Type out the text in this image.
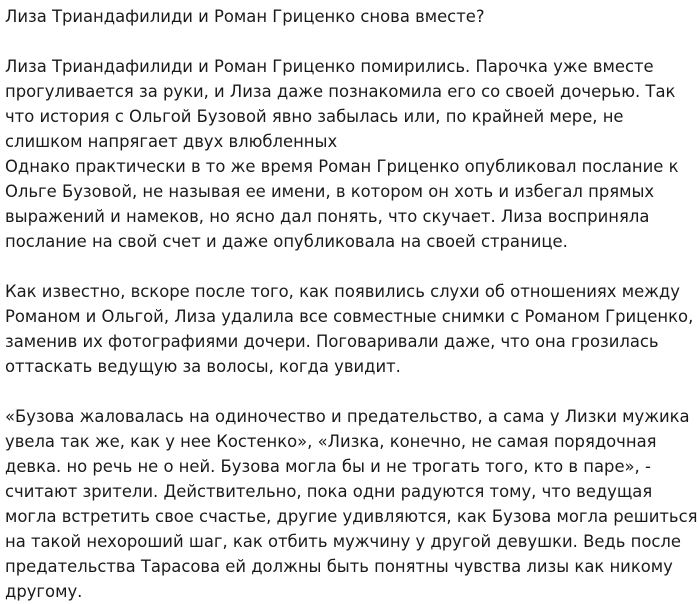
Лиза Триандафилиди и Роман Гриценко снова вместе?

Лиза Триандафилиди и Роман Гриценко помирились. Парочка уже вместе прогуливается за руки, и Лиза даже познакомила его со своей дочерью. Так что история с Ольгой Бузовой явно забылась или, по крайней мере, не слишком напрягает двух влюбленных

Однако практически в то же время Роман Гриценко опубликовал послание к Ольге Бузовой, не называя ее имени, в котором он хоть и избегал прямых выражений и намеков, но ясно дал понять, что скучает. Лиза восприняла послание на свой счет и даже опубликовала на своей странице.

Как известно, вскоре после того, как появились слухи об отношениях между Романом и Ольгой, Лиза удалила все совместные снимки с Романом Гриценко, заменив их фотографиями дочери. Поговаривали даже, что она грозилась оттаскать ведущую за волосы, когда увидит.

«Бузова жаловалась на одиночество и предательство, а сама у Лизки мужика увела так же, как у нее Костенко», «Лизка, конечно, не самая порядочная девка. но речь не о ней. Бузова могла бы и не трогать того, кто в паре», - считают зрители. Действительно, пока одни радуются тому, что ведущая могла встретить свое счастье, другие удивляются, как Бузова могла решиться на такой нехороший шаг, как отбить мужчину у другой девушки. Ведь после предательства Тарасова ей должны быть понятны чувства лизы как никому другому.
